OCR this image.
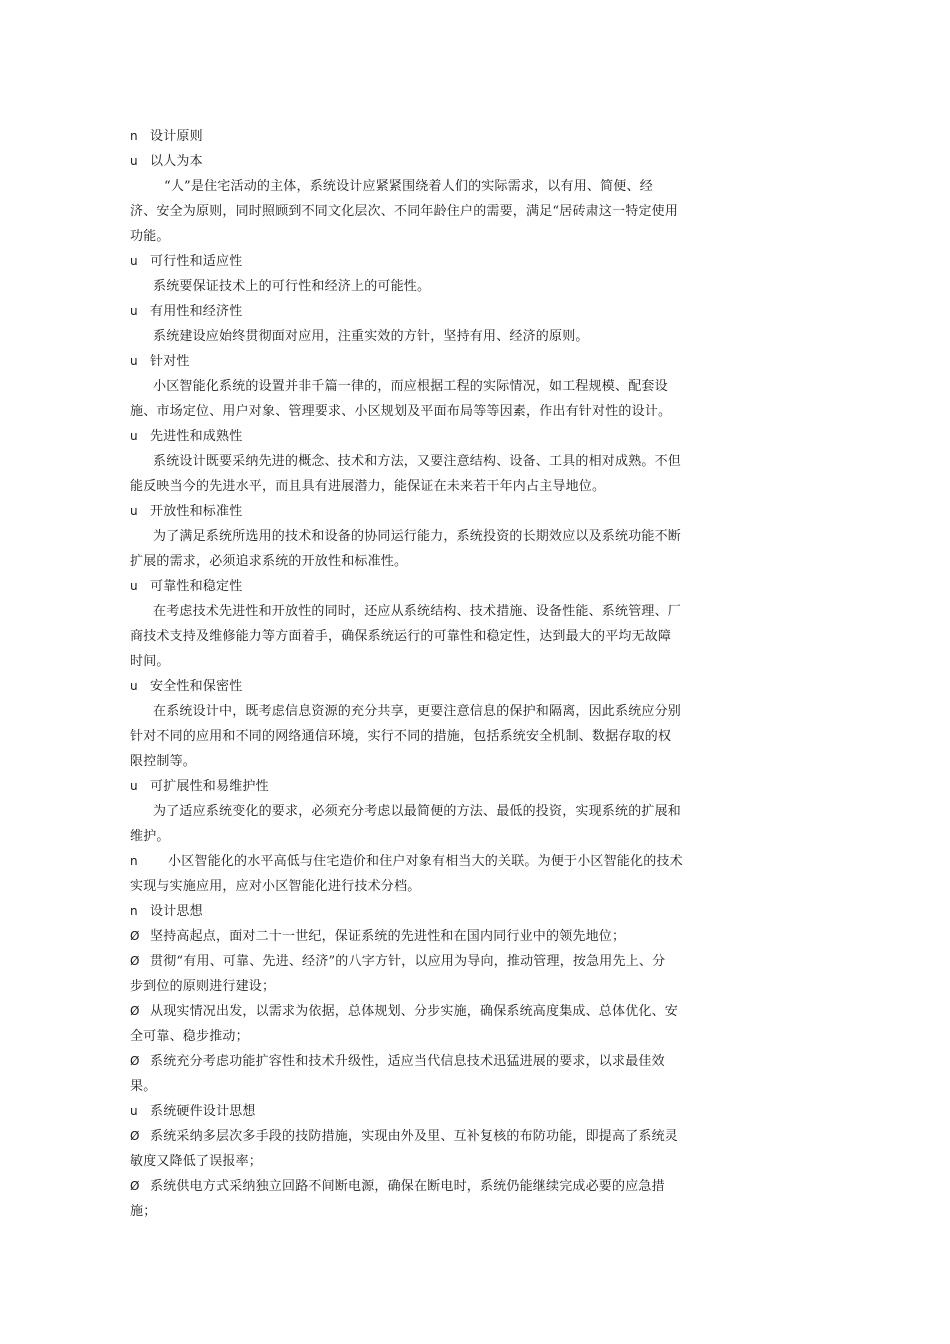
n 设计原则
u 以人为本
“人”是住宅活动的主体，系统设计应紧紧围绕着人们的实际需求，以有用、简便、经
济、安全为原则，同时照顾到不同文化层次、不同年龄住户的需要，满足“居砖肃这一特定使用
功能。
u 可行性和适应性
系统要保证技术上的可行性和经济上的可能性。
u 有用性和经济性
系统建设应始终贯彻面对应用，注重实效的方针，坚持有用、经济的原则。
u 针对性
小区智能化系统的设置并非千篇一律的，而应根据工程的实际情况，如工程规模、配套设
施、市场定位、用户对象、管理要求、小区规划及平面布局等等因素，作出有针对性的设计。
u 先进性和成熟性
系统设计既要采纳先进的概念、技术和方法，又要注意结构、设备、工具的相对成熟。不但
能反映当今的先进水平，而且具有进展潜力，能保证在未来若干年内占主导地位。
u 开放性和标准性
为了满足系统所选用的技术和设备的协同运行能力，系统投资的长期效应以及系统功能不断
扩展的需求，必须追求系统的开放性和标准性。
u 可靠性和稳定性
在考虑技术先进性和开放性的同时，还应从系统结构、技术措施、设备性能、系统管理、厂
商技术支持及维修能力等方面着手，确保系统运行的可靠性和稳定性，达到最大的平均无故障
时间。
u 安全性和保密性
在系统设计中，既考虑信息资源的充分共享，更要注意信息的保护和隔离，因此系统应分别
针对不同的应用和不同的网络通信环境，实行不同的措施，包括系统安全机制、数据存取的权
限控制等。
u 可扩展性和易维护性
为了适应系统变化的要求，必须充分考虑以最简便的方法、最低的投资，实现系统的扩展和
维护。
n 小区智能化的水平高低与住宅造价和住户对象有相当大的关联。为便于小区智能化的技术
实现与实施应用，应对小区智能化进行技术分档。
n 设计思想
Ø 坚持高起点，面对二十一世纪，保证系统的先进性和在国内同行业中的领先地位；
Ø 贯彻“有用、可靠、先进、经济”的八字方针，以应用为导向，推动管理，按急用先上、分
步到位的原则进行建设；
Ø 从现实情况出发，以需求为依据，总体规划、分步实施，确保系统高度集成、总体优化、安
全可靠、稳步推动；
Ø 系统充分考虑功能扩容性和技术升级性，适应当代信息技术迅猛进展的要求，以求最佳效
果。
u 系统硬件设计思想
Ø 系统采纳多层次多手段的技防措施，实现由外及里、互补复核的布防功能，即提高了系统灵
敏度又降低了误报率；
Ø 系统供电方式采纳独立回路不间断电源，确保在断电时，系统仍能继续完成必要的应急措
施；
